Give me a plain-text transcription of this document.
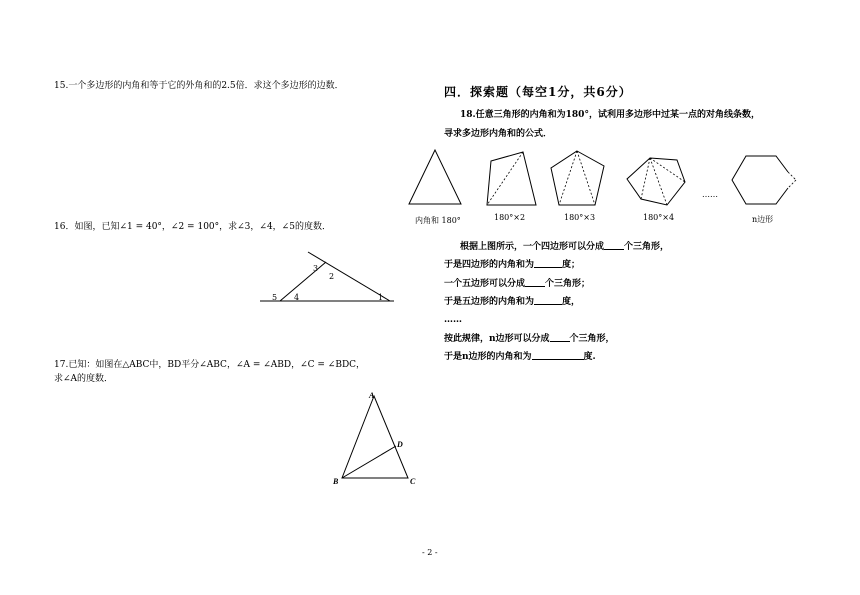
15.一个多边形的内角和等于它的外角和的2.5倍．求这个多边形的边数．
16．如图，已知∠1 = 40°，∠2 = 100°，求∠3，∠4，∠5的度数．
3
2
5 4	1
17.已知：如图在△ABC中，BD平分∠ABC，∠A = ∠ABD，∠C = ∠BDC，
求∠A的度数．
A
D
B	C
四．探索题（每空1分，共6分）
18.任意三角形的内角和为180°，试利用多边形中过某一点的对角线条数，
寻求多边形内角和的公式．
……
内角和 180°	180°×2	180°×3	180°×4	n边形
根据上图所示，一个四边形可以分成 个三角形，
于是四边形的内角和为	度；
一个五边形可以分成 个三角形；
于是五边形的内角和为	度，
……
按此规律，n边形可以分成 个三角形，
于是n边形的内角和为	度.
- 2 -
